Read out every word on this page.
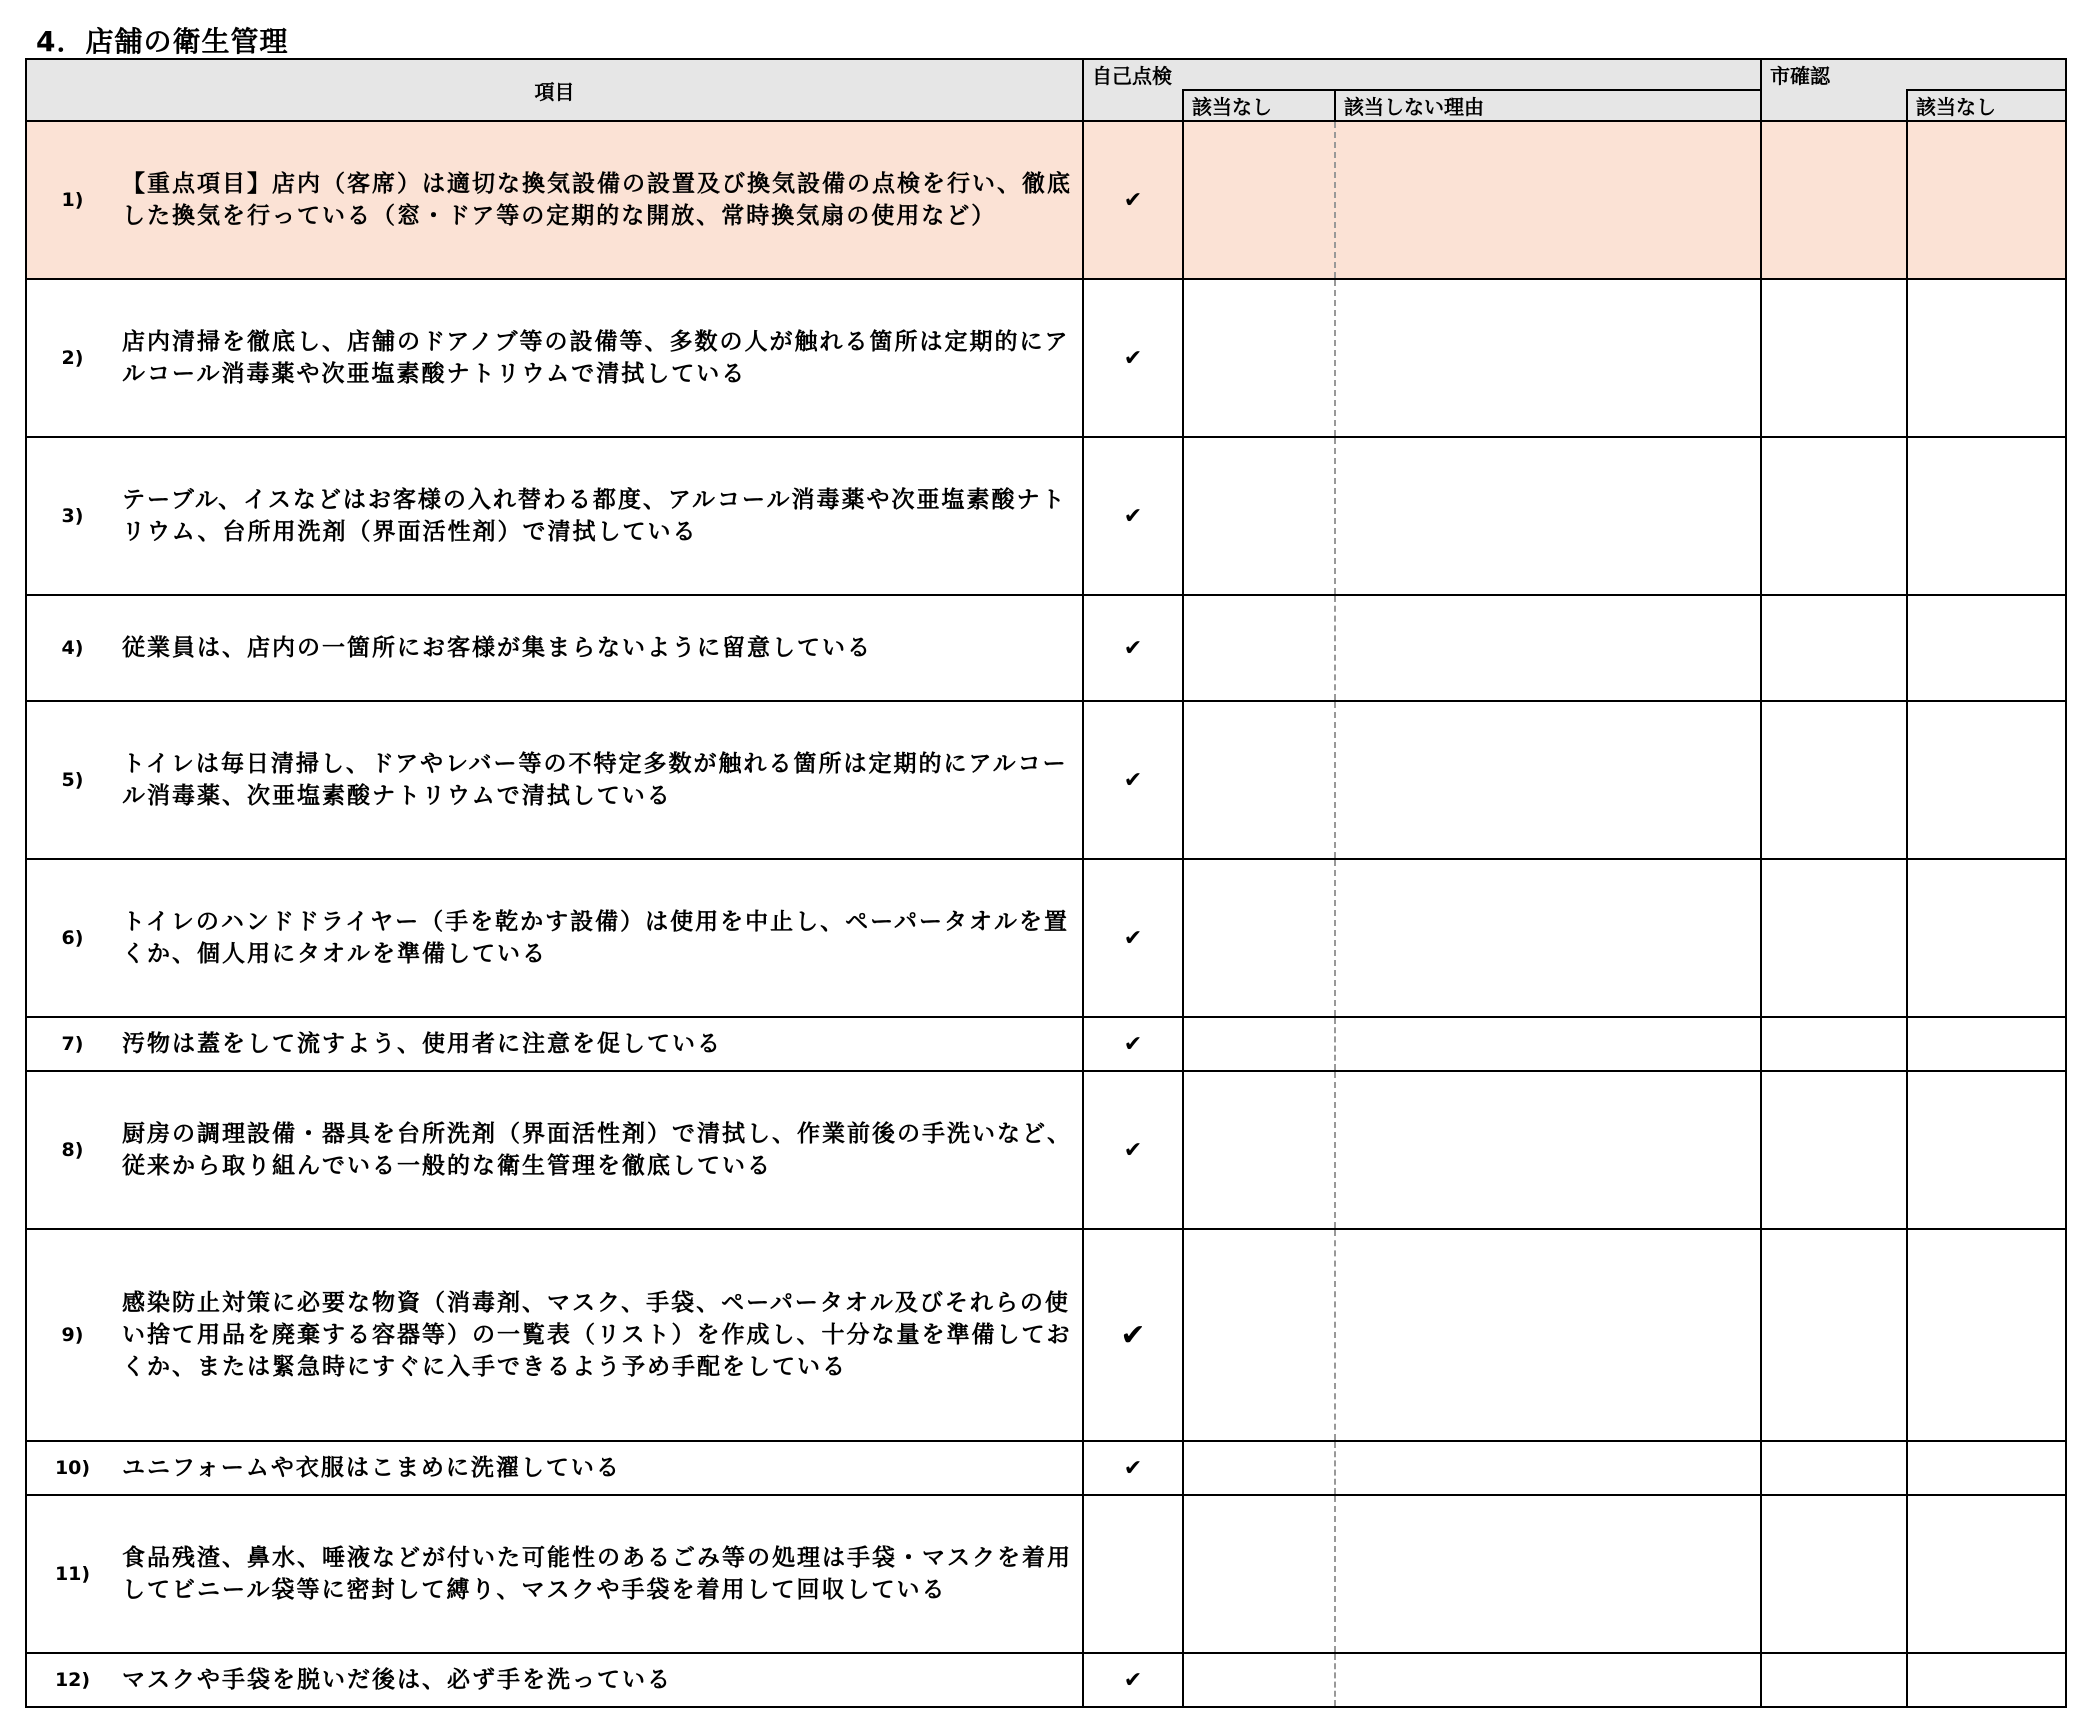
4．店舗の衛生管理
項目		自己点検			市確認	
			該当なし	該当しない理由		該当なし
1)	【重点項目】店内（客席）は適切な換気設備の設置及び換気設備の点検を行い、徹底した換気を行っている（窓・ドア等の定期的な開放、常時換気扇の使用など）	✔				
2)	店内清掃を徹底し、店舗のドアノブ等の設備等、多数の人が触れる箇所は定期的にアルコール消毒薬や次亜塩素酸ナトリウムで清拭している	✔				
3)	テーブル、イスなどはお客様の入れ替わる都度、アルコール消毒薬や次亜塩素酸ナトリウム、台所用洗剤（界面活性剤）で清拭している	✔				
4)	従業員は、店内の一箇所にお客様が集まらないように留意している	✔				
5)	トイレは毎日清掃し、ドアやレバー等の不特定多数が触れる箇所は定期的にアルコール消毒薬、次亜塩素酸ナトリウムで清拭している	✔				
6)	トイレのハンドドライヤー（手を乾かす設備）は使用を中止し、ペーパータオルを置くか、個人用にタオルを準備している	✔				
7)	汚物は蓋をして流すよう、使用者に注意を促している	✔				
8)	厨房の調理設備・器具を台所洗剤（界面活性剤）で清拭し、作業前後の手洗いなど、従来から取り組んでいる一般的な衛生管理を徹底している	✔				
9)	感染防止対策に必要な物資（消毒剤、マスク、手袋、ペーパータオル及びそれらの使い捨て用品を廃棄する容器等）の一覧表（リスト）を作成し、十分な量を準備しておくか、または緊急時にすぐに入手できるよう予め手配をしている	✔				
10)	ユニフォームや衣服はこまめに洗濯している	✔				
11)	食品残渣、鼻水、唾液などが付いた可能性のあるごみ等の処理は手袋・マスクを着用してビニール袋等に密封して縛り、マスクや手袋を着用して回収している					
12)	マスクや手袋を脱いだ後は、必ず手を洗っている	✔				
